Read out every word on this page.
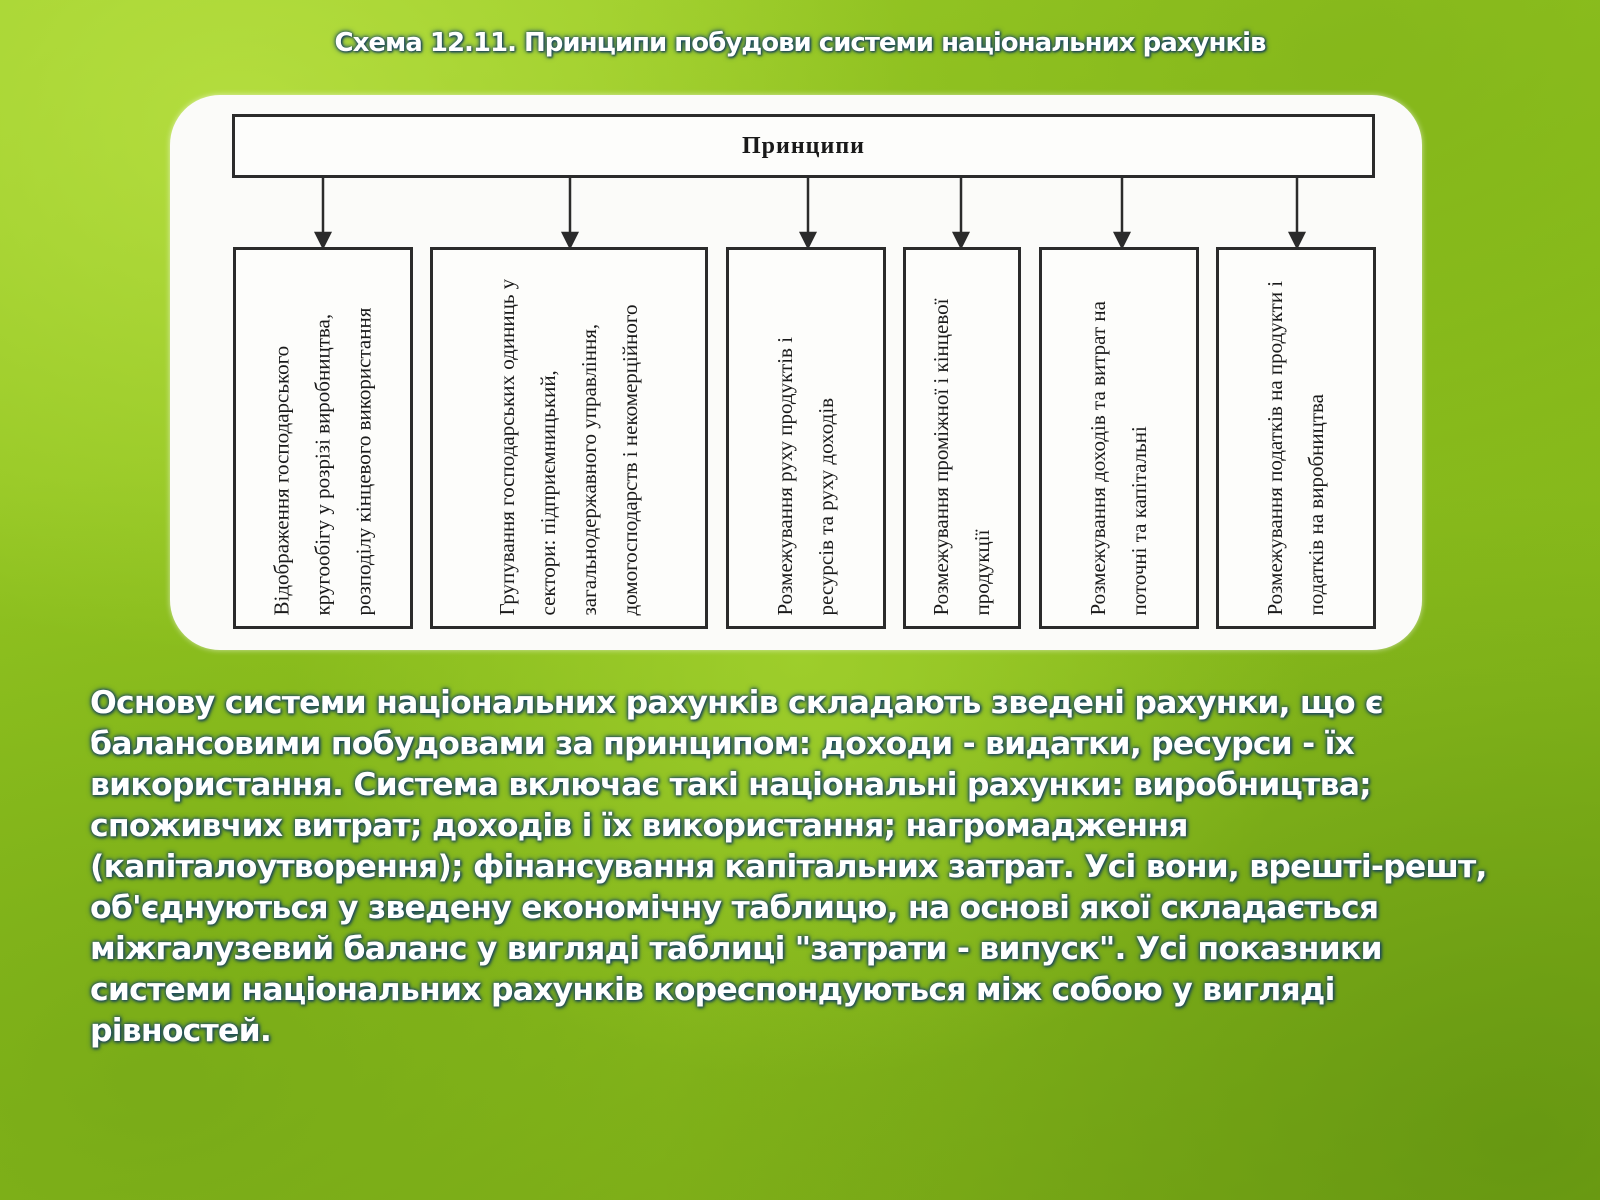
Схема 12.11. Принципи побудови системи національних рахунків
Принципи
Відображення господарського кругообігу у розрізі виробництва, розподілу кінцевого використання	Групування господарських одиниць у сектори: підприємницький, загальнодержавного управління, домогосподарств і некомерційного	Розмежування руху продуктів і ресурсів та руху доходів	Розмежування проміжної і кінцевої продукції	Розмежування доходів та витрат на поточні та капітальні	Розмежування податків на продукти і податків на виробництва
Основу системи національних рахунків складають зведені рахунки, що є балансовими побудовами за принципом: доходи - видатки, ресурси - їх використання. Система включає такі національні рахунки: виробництва; споживчих витрат; доходів і їх використання; нагромадження (капіталоутворення); фінансування капітальних затрат. Усі вони, врешті-решт, об'єднуються у зведену економічну таблицю, на основі якої складається міжгалузевий баланс у вигляді таблиці "затрати - випуск". Усі показники системи національних рахунків кореспондуються між собою у вигляді рівностей.
